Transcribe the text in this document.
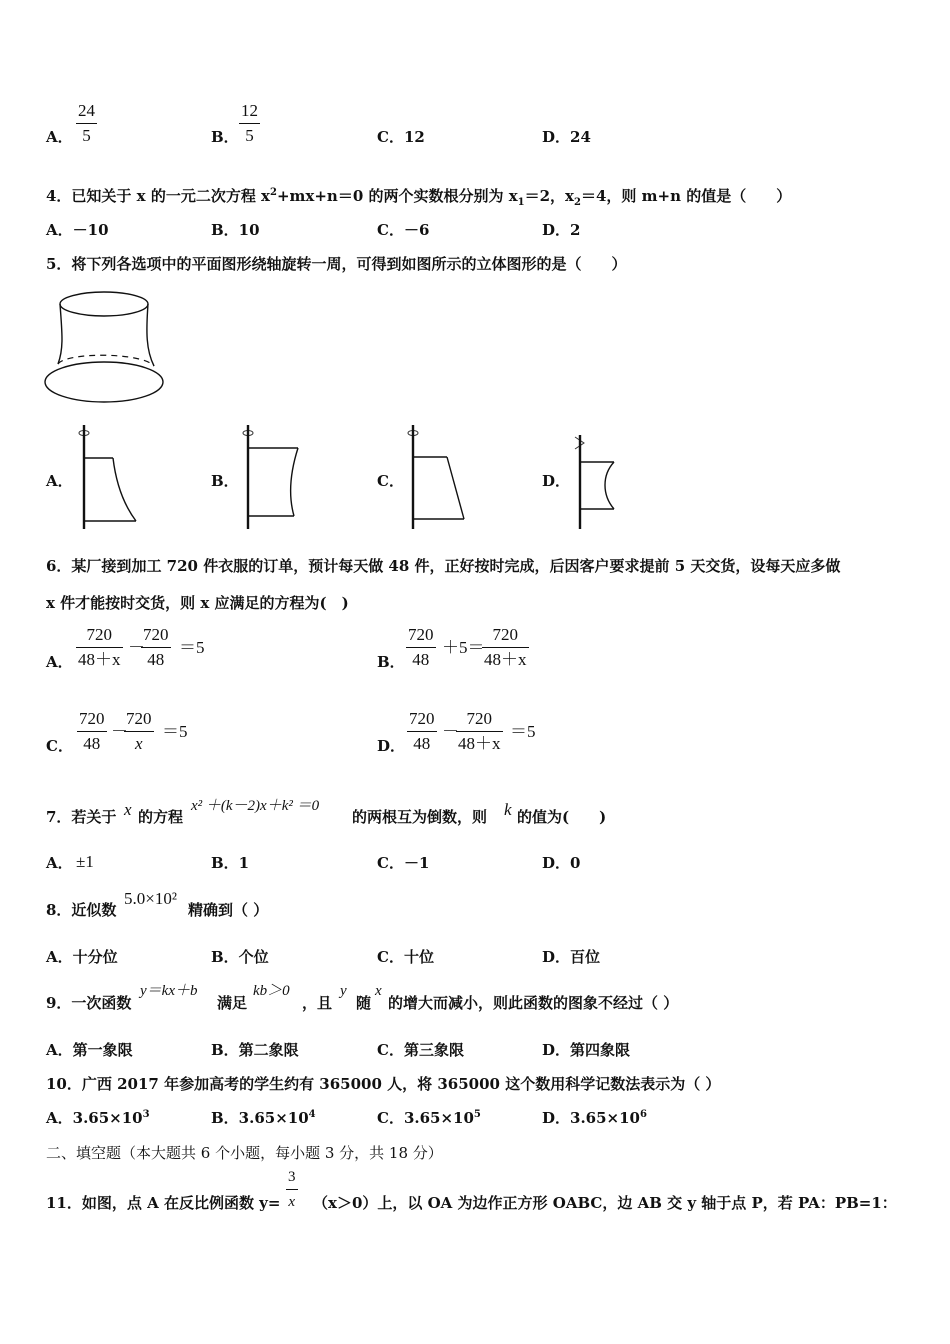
A．
24
5	B．
12
5	C．12	D．24
4．已知关于 x 的一元二次方程 $x^2+mx+n=0$ 的两个实数根分别为 $x_1=2$，$x_2=4$，则 m+n 的值是（　　）
A．－10	B．10	C．－6	D．2
5．将下列各选项中的平面图形绕轴旋转一周，可得到如图所示的立体图形的是（　　）
A．	B．	C．	D．
6．某厂接到加工 720 件衣服的订单，预计每天做 48 件，正好按时完成，后因客户要求提前 5 天交货，设每天应多做
x 件才能按时交货，则 x 应满足的方程为(　)
A．
720
48＋x
－
720
48
＝5
B．
720
48
＋5＝
720
48＋x
C．
720
48
－
720
x
＝5
D．
720
48
－
720
48＋x
＝5
7．若关于 x 的方程
x² ＋(k－2)x＋k² ＝0
的两根互为倒数，则 k 的值为(　　)
A． ±1	B．1	C．－1	D．0
8．近似数
5.0×10²
精确到（ ）
A．十分位	B．个位	C．十位	D．百位
9．一次函数
y＝kx＋b
满足
kb＞0
，且
y
随
x
的增大而减小，则此函数的图象不经过（ ）
A．第一象限	B．第二象限	C．第三象限	D．第四象限
10．广西 2017 年参加高考的学生约有 365000 人，将 365000 这个数用科学记数法表示为（ ）
A．$3.65\times 10^3$	B．$3.65\times 10^4$	C．$3.65\times 10^5$	D．$3.65\times 10^6$
二、填空题（本大题共 6 个小题，每小题 3 分，共 18 分）
11．如图，点 A 在反比例函数 y=
3
x （x＞0）上，以 OA 为边作正方形 OABC，边 AB 交 y 轴于点 P，若 PA：PB=1：
